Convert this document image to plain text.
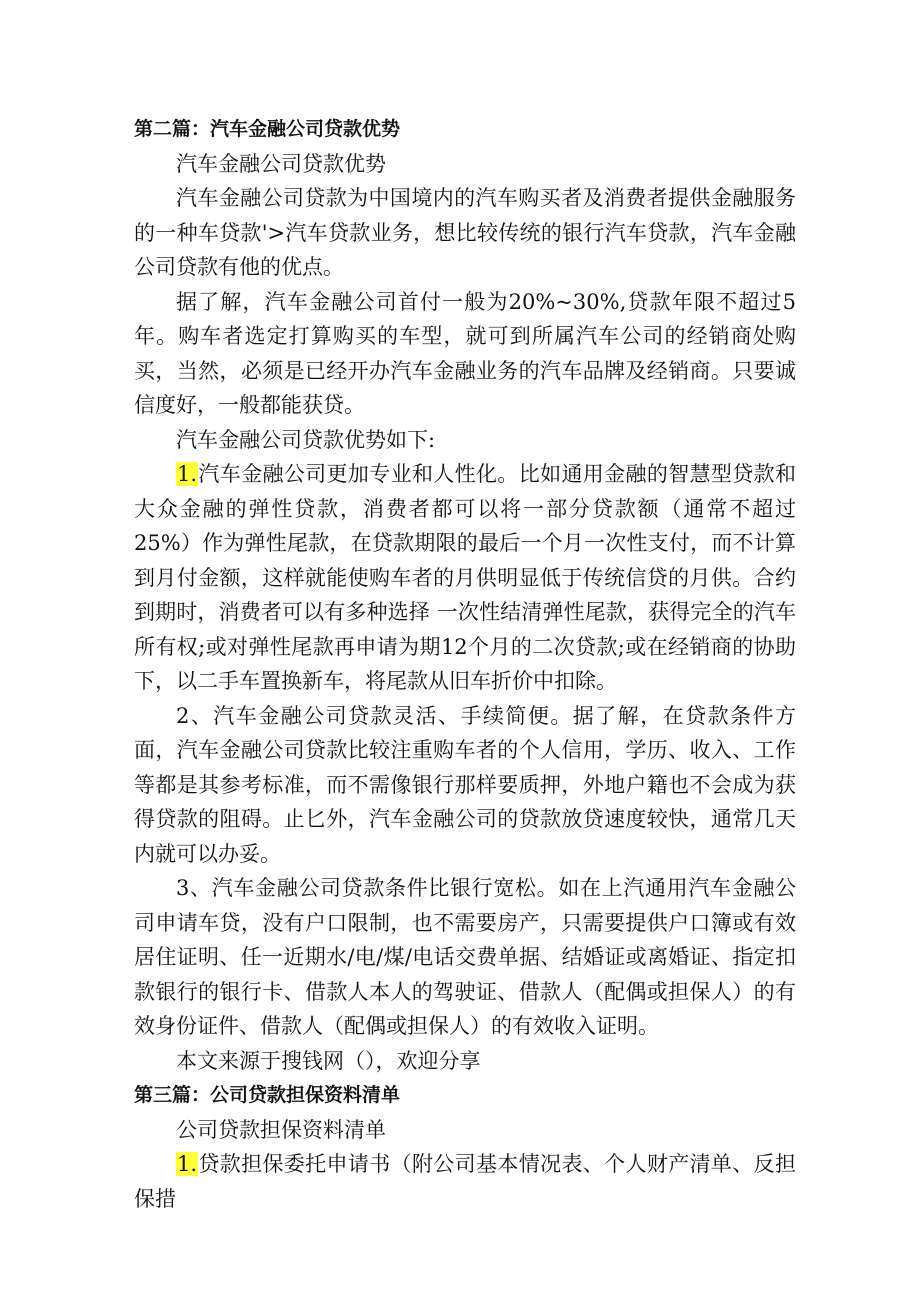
第二篇：汽车金融公司贷款优势

汽车金融公司贷款优势

汽车金融公司贷款为中国境内的汽车购买者及消费者提供金融服务的一种车贷款'>汽车贷款业务，想比较传统的银行汽车贷款，汽车金融公司贷款有他的优点。

据了解，汽车金融公司首付一般为20%~30%,贷款年限不超过5年。购车者选定打算购买的车型，就可到所属汽车公司的经销商处购买，当然，必须是已经开办汽车金融业务的汽车品牌及经销商。只要诚信度好，一般都能获贷。

汽车金融公司贷款优势如下:

1.汽车金融公司更加专业和人性化。比如通用金融的智慧型贷款和大众金融的弹性贷款，消费者都可以将一部分贷款额（通常不超过25%）作为弹性尾款，在贷款期限的最后一个月一次性支付，而不计算到月付金额，这样就能使购车者的月供明显低于传统信贷的月供。合约到期时，消费者可以有多种选择 一次性结清弹性尾款，获得完全的汽车所有权;或对弹性尾款再申请为期12个月的二次贷款;或在经销商的协助下，以二手车置换新车，将尾款从旧车折价中扣除。

2、汽车金融公司贷款灵活、手续简便。据了解，在贷款条件方面，汽车金融公司贷款比较注重购车者的个人信用，学历、收入、工作等都是其参考标准，而不需像银行那样要质押，外地户籍也不会成为获得贷款的阻碍。止匕外，汽车金融公司的贷款放贷速度较快，通常几天内就可以办妥。

3、汽车金融公司贷款条件比银行宽松。如在上汽通用汽车金融公司申请车贷，没有户口限制，也不需要房产，只需要提供户口簿或有效居住证明、任一近期水/电/煤/电话交费单据、结婚证或离婚证、指定扣款银行的银行卡、借款人本人的驾驶证、借款人（配偶或担保人）的有效身份证件、借款人（配偶或担保人）的有效收入证明。

本文来源于搜钱网（），欢迎分享

第三篇：公司贷款担保资料清单

公司贷款担保资料清单

1.贷款担保委托申请书（附公司基本情况表、个人财产清单、反担保措
